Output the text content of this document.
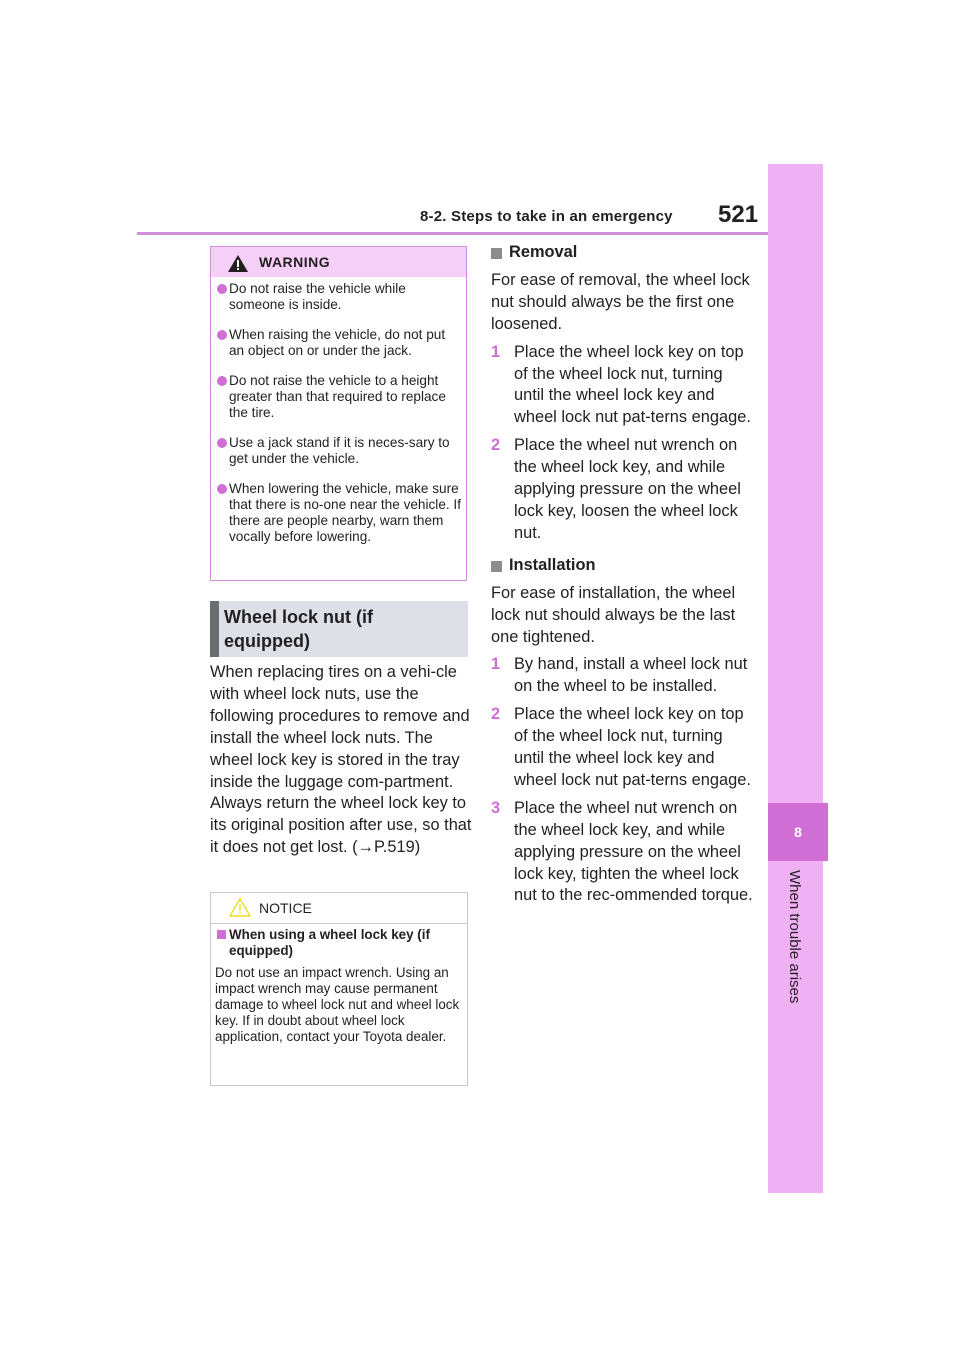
8-2. Steps to take in an emergency 521
8
When trouble arises
WARNING
Do not raise the vehicle while someone is inside.
When raising the vehicle, do not put an object on or under the jack.
Do not raise the vehicle to a height greater than that required to replace the tire.
Use a jack stand if it is neces-sary to get under the vehicle.
When lowering the vehicle, make sure that there is no-one near the vehicle. If there are people nearby, warn them vocally before lowering.
Wheel lock nut (if equipped)
When replacing tires on a vehi-cle with wheel lock nuts, use the following procedures to remove and install the wheel lock nuts. The wheel lock key is stored in the tray inside the luggage com-partment. Always return the wheel lock key to its original position after use, so that it does not get lost. (→P.519)
NOTICE
When using a wheel lock key (if equipped)
Do not use an impact wrench. Using an impact wrench may cause permanent damage to wheel lock nut and wheel lock key. If in doubt about wheel lock application, contact your Toyota dealer.
Removal

For ease of removal, the wheel lock nut should always be the first one loosened.

1 Place the wheel lock key on top of the wheel lock nut, turning until the wheel lock key and wheel lock nut pat-terns engage.
2 Place the wheel nut wrench on the wheel lock key, and while applying pressure on the wheel lock key, loosen the wheel lock nut.
Installation

For ease of installation, the wheel lock nut should always be the last one tightened.

1 By hand, install a wheel lock nut on the wheel to be installed.
2 Place the wheel lock key on top of the wheel lock nut, turning until the wheel lock key and wheel lock nut pat-terns engage.
3 Place the wheel nut wrench on the wheel lock key, and while applying pressure on the wheel lock key, tighten the wheel lock nut to the rec-ommended torque.
